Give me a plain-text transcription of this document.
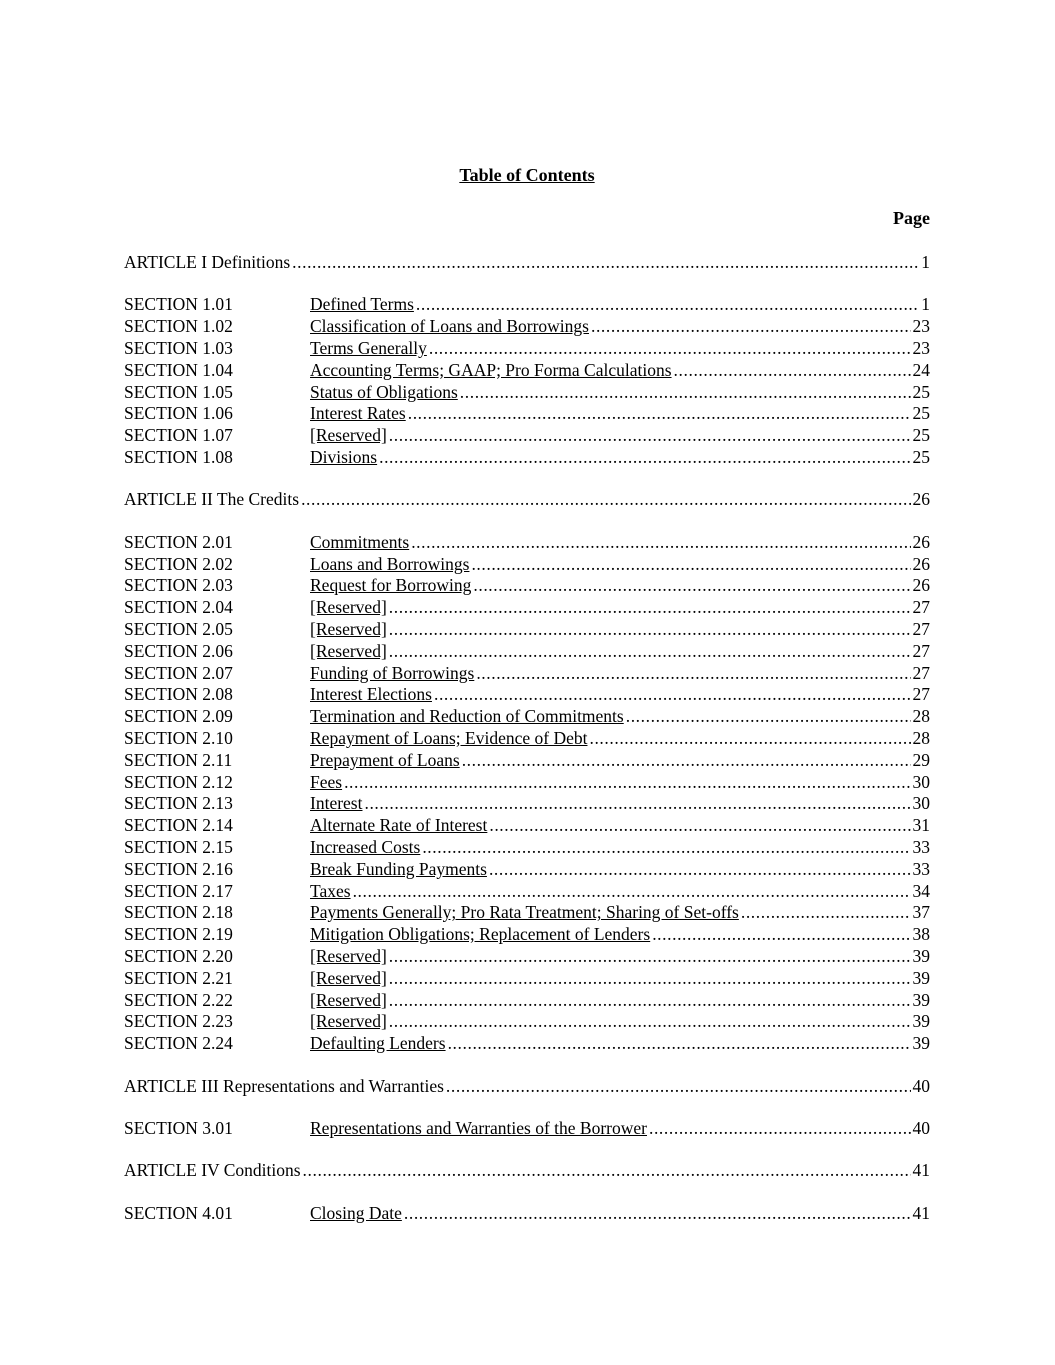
Table of Contents
Page
ARTICLE I Definitions .....	1
SECTION 1.01	Defined Terms .....	1
SECTION 1.02	Classification of Loans and Borrowings .....	23
SECTION 1.03	Terms Generally .....	23
SECTION 1.04	Accounting Terms; GAAP; Pro Forma Calculations .....	24
SECTION 1.05	Status of Obligations .....	25
SECTION 1.06	Interest Rates .....	25
SECTION 1.07	[Reserved] .....	25
SECTION 1.08	Divisions .....	25
ARTICLE II The Credits .....	26
SECTION 2.01	Commitments .....	26
SECTION 2.02	Loans and Borrowings .....	26
SECTION 2.03	Request for Borrowing .....	26
SECTION 2.04	[Reserved] .....	27
SECTION 2.05	[Reserved] .....	27
SECTION 2.06	[Reserved] .....	27
SECTION 2.07	Funding of Borrowings .....	27
SECTION 2.08	Interest Elections .....	27
SECTION 2.09	Termination and Reduction of Commitments .....	28
SECTION 2.10	Repayment of Loans; Evidence of Debt .....	28
SECTION 2.11	Prepayment of Loans .....	29
SECTION 2.12	Fees .....	30
SECTION 2.13	Interest .....	30
SECTION 2.14	Alternate Rate of Interest .....	31
SECTION 2.15	Increased Costs .....	33
SECTION 2.16	Break Funding Payments .....	33
SECTION 2.17	Taxes .....	34
SECTION 2.18	Payments Generally; Pro Rata Treatment; Sharing of Set-offs .....	37
SECTION 2.19	Mitigation Obligations; Replacement of Lenders .....	38
SECTION 2.20	[Reserved] .....	39
SECTION 2.21	[Reserved] .....	39
SECTION 2.22	[Reserved] .....	39
SECTION 2.23	[Reserved] .....	39
SECTION 2.24	Defaulting Lenders .....	39
ARTICLE III Representations and Warranties .....	40
SECTION 3.01	Representations and Warranties of the Borrower .....	40
ARTICLE IV Conditions .....	41
SECTION 4.01	Closing Date .....	41
